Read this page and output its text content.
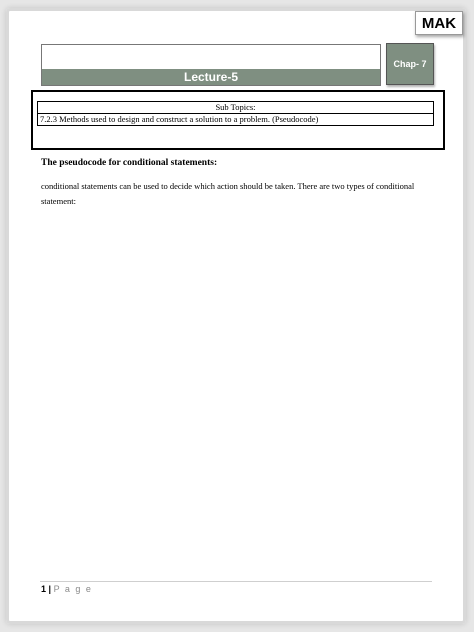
MAK
Lecture-5
Chap- 7
Sub Topics:
7.2.3 Methods used to design and construct a solution to a problem. (Pseudocode)
The pseudocode for conditional statements:
conditional statements can be used to decide which action should be taken. There are two types of conditional statement:
1 | P a g e
